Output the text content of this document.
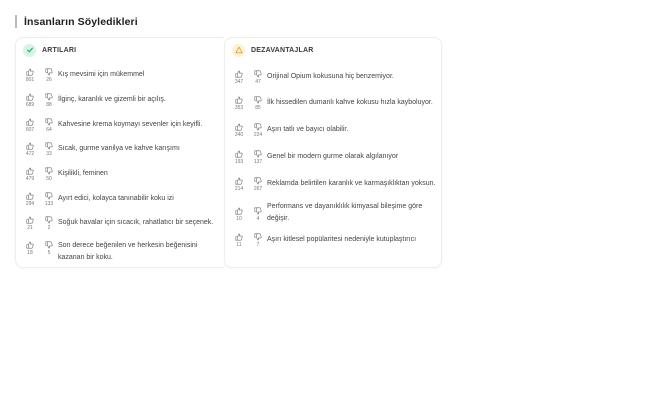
İnsanların Söyledikleri
ARTILARI
801	26
Kış mevsimi için mükemmel
689	88
İlginç, karanlık ve gizemli bir açılış.
607	64
Kahvesine krema koymayı sevenler için keyifli.
472	33
Sıcak, gurme vanilya ve kahve karışımı
479	50
Kişilikli, feminen
294	133
Ayırt edici, kolayca tanınabilir koku izi
21	2
Soğuk havalar için sıcacık, rahatlatıcı bir seçenek.
18	5
Son derece beğenilen ve herkesin beğenisini kazanan bir koku.
DEZAVANTAJLAR
347	47
Orijinal Opium kokusuna hiç benzemiyor.
353	85
İlk hissedilen dumanlı kahve kokusu hızla kayboluyor.
340	224
Aşırı tatlı ve bayıcı olabilir.
193	137
Genel bir modern gurme olarak algılanıyor
214	267
Reklamda belirtilen karanlık ve karmaşıklıktan yoksun.
10	4
Performans ve dayanıklılık kimyasal bileşime göre değişir.
11	7
Aşırı kitlesel popülaritesi nedeniyle kutuplaştırıcı
